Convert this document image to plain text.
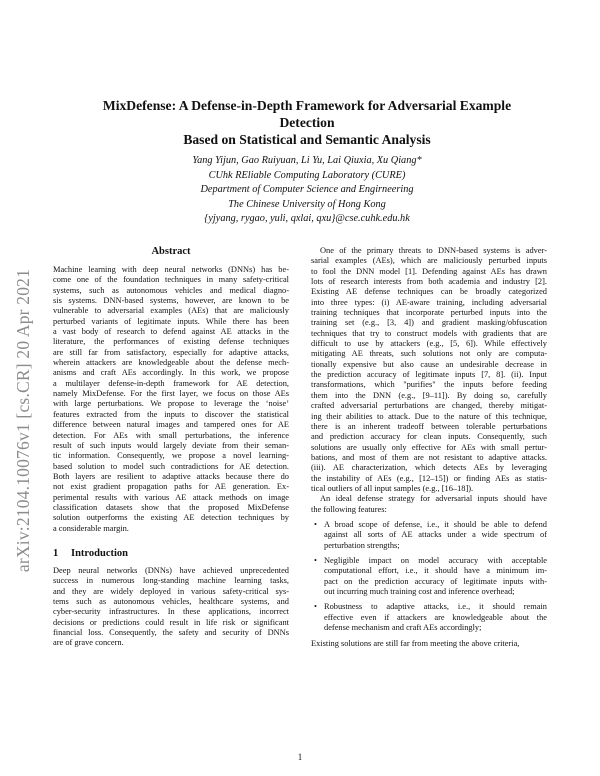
arXiv:2104.10076v1 [cs.CR] 20 Apr 2021
MixDefense: A Defense-in-Depth Framework for Adversarial Example Detection
Based on Statistical and Semantic Analysis
Yang Yijun, Gao Ruiyuan, Li Yu, Lai Qiuxia, Xu Qiang*
CUhk REliable Computing Laboratory (CURE)
Department of Computer Science and Engirneering
The Chinese University of Hong Kong
{yjyang, rygao, yuli, qxlai, qxu}@cse.cuhk.edu.hk
Abstract
Machine learning with deep neural networks (DNNs) has be-
come one of the foundation techniques in many safety-critical
systems, such as autonomous vehicles and medical diagno-
sis systems. DNN-based systems, however, are known to be
vulnerable to adversarial examples (AEs) that are maliciously
perturbed variants of legitimate inputs. While there has been
a vast body of research to defend against AE attacks in the
literature, the performances of existing defense techniques
are still far from satisfactory, especially for adaptive attacks,
wherein attackers are knowledgeable about the defense mech-
anisms and craft AEs accordingly. In this work, we propose
a multilayer defense-in-depth framework for AE detection,
namely MixDefense. For the first layer, we focus on those AEs
with large perturbations. We propose to leverage the ‘noise’
features extracted from the inputs to discover the statistical
difference between natural images and tampered ones for AE
detection. For AEs with small perturbations, the inference
result of such inputs would largely deviate from their seman-
tic information. Consequently, we propose a novel learning-
based solution to model such contradictions for AE detection.
Both layers are resilient to adaptive attacks because there do
not exist gradient propagation paths for AE generation. Ex-
perimental results with various AE attack methods on image
classification datasets show that the proposed MixDefense
solution outperforms the existing AE detection techniques by
a considerable margin.
1 Introduction
Deep neural networks (DNNs) have achieved unprecedented
success in numerous long-standing machine learning tasks,
and they are widely deployed in various safety-critical sys-
tems such as autonomous vehicles, healthcare systems, and
cyber-security infrastructures. In these applications, incorrect
decisions or predictions could result in life risk or significant
financial loss. Consequently, the safety and security of DNNs
are of grave concern.
One of the primary threats to DNN-based systems is adver-
sarial examples (AEs), which are maliciously perturbed inputs
to fool the DNN model [1]. Defending against AEs has drawn
lots of research interests from both academia and industry [2].
Existing AE defense techniques can be broadly categorized
into three types: (i) AE-aware training, including adversarial
training techniques that incorporate perturbed inputs into the
training set (e.g., [3, 4]) and gradient masking/obfuscation
techniques that try to construct models with gradients that are
difficult to use by attackers (e.g., [5, 6]). While effectively
mitigating AE threats, such solutions not only are computa-
tionally expensive but also cause an undesirable decrease in
the prediction accuracy of legitimate inputs [7, 8]. (ii). Input
transformations, which "purifies" the inputs before feeding
them into the DNN (e.g., [9–11]). By doing so, carefully
crafted adversarial perturbations are changed, thereby mitigat-
ing their abilities to attack. Due to the nature of this technique,
there is an inherent tradeoff between tolerable perturbations
and prediction accuracy for clean inputs. Consequently, such
solutions are usually only effective for AEs with small pertur-
bations, and most of them are not resistant to adaptive attacks.
(iii). AE characterization, which detects AEs by leveraging
the instability of AEs (e.g., [12–15]) or finding AEs as statis-
tical outliers of all input samples (e.g., [16–18]).
An ideal defense strategy for adversarial inputs should have
the following features:
• A broad scope of defense, i.e., it should be able to defend
against all sorts of AE attacks under a wide spectrum of
perturbation strengths;
• Negligible impact on model accuracy with acceptable
computational effort, i.e., it should have a minimum im-
pact on the prediction accuracy of legitimate inputs with-
out incurring much training cost and inference overhead;
• Robustness to adaptive attacks, i.e., it should remain
effective even if attackers are knowledgeable about the
defense mechanism and craft AEs accordingly;
Existing solutions are still far from meeting the above criteria,
1
